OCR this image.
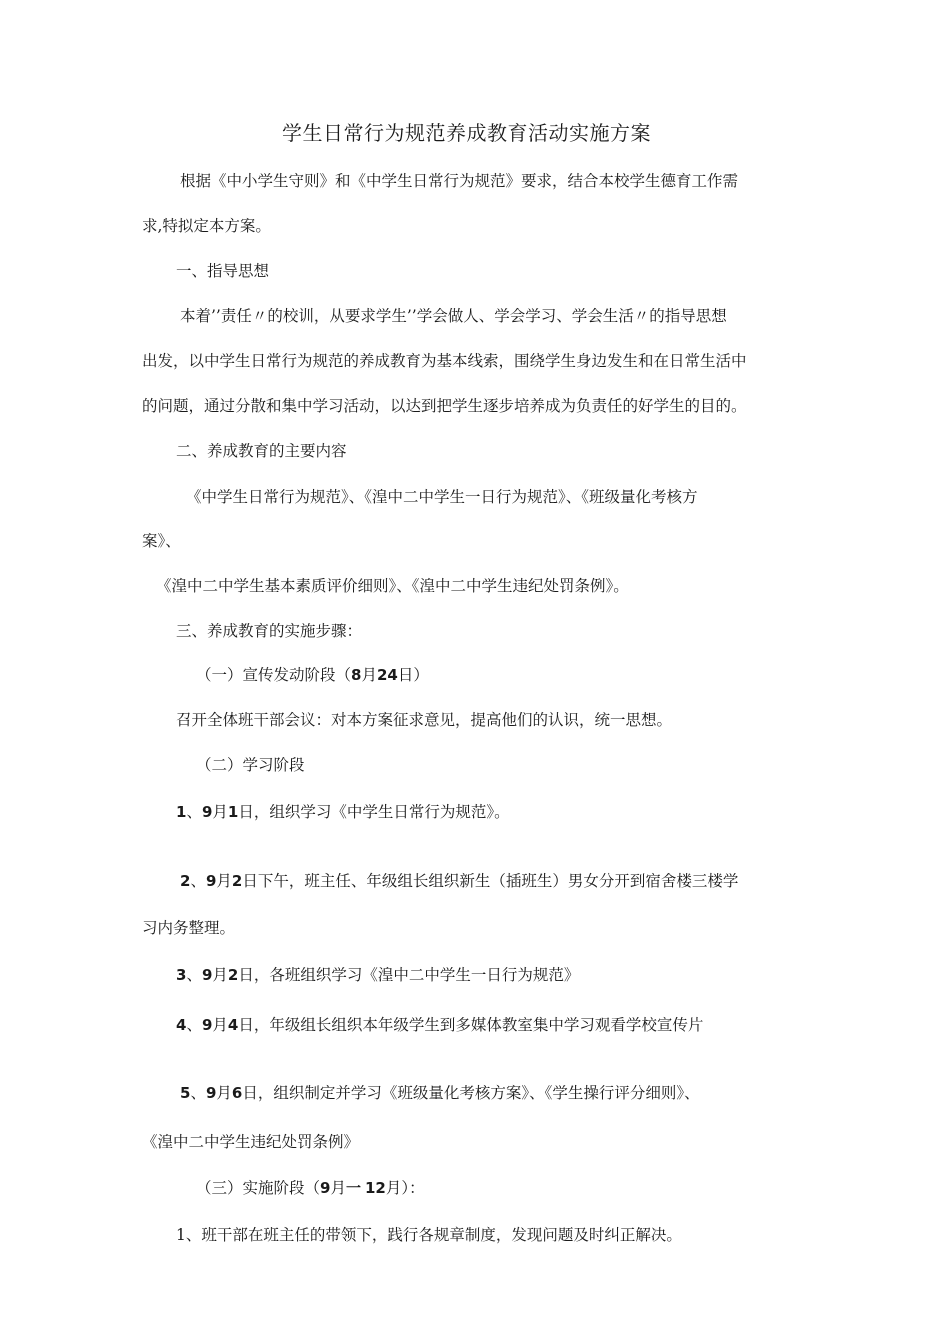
学生日常行为规范养成教育活动实施方案
根据《中小学生守则》和《中学生日常行为规范》要求，结合本校学生德育工作需
求,特拟定本方案。
一、指导思想
本着’’责任〃的校训，从要求学生’’学会做人、学会学习、学会生活〃的指导思想
出发，以中学生日常行为规范的养成教育为基本线索，围绕学生身边发生和在日常生活中
的问题，通过分散和集中学习活动，以达到把学生逐步培养成为负责任的好学生的目的。
二、养成教育的主要内容
《中学生日常行为规范》、《湟中二中学生一日行为规范》、《班级量化考核方
案》、
《湟中二中学生基本素质评价细则》、《湟中二中学生违纪处罚条例》。
三、养成教育的实施步骤：
（一）宣传发动阶段（8月24日）
召开全体班干部会议：对本方案征求意见，提高他们的认识，统一思想。
（二）学习阶段
1、9月1日，组织学习《中学生日常行为规范》。
2、9月2日下午，班主任、年级组长组织新生（插班生）男女分开到宿舍楼三楼学
习内务整理。
3、9月2日，各班组织学习《湟中二中学生一日行为规范》
4、9月4日，年级组长组织本年级学生到多媒体教室集中学习观看学校宣传片
5、9月6日，组织制定并学习《班级量化考核方案》、《学生操行评分细则》、
《湟中二中学生违纪处罚条例》
（三）实施阶段（9月一 12月）：
1、班干部在班主任的带领下，践行各规章制度，发现问题及时纠正解决。
